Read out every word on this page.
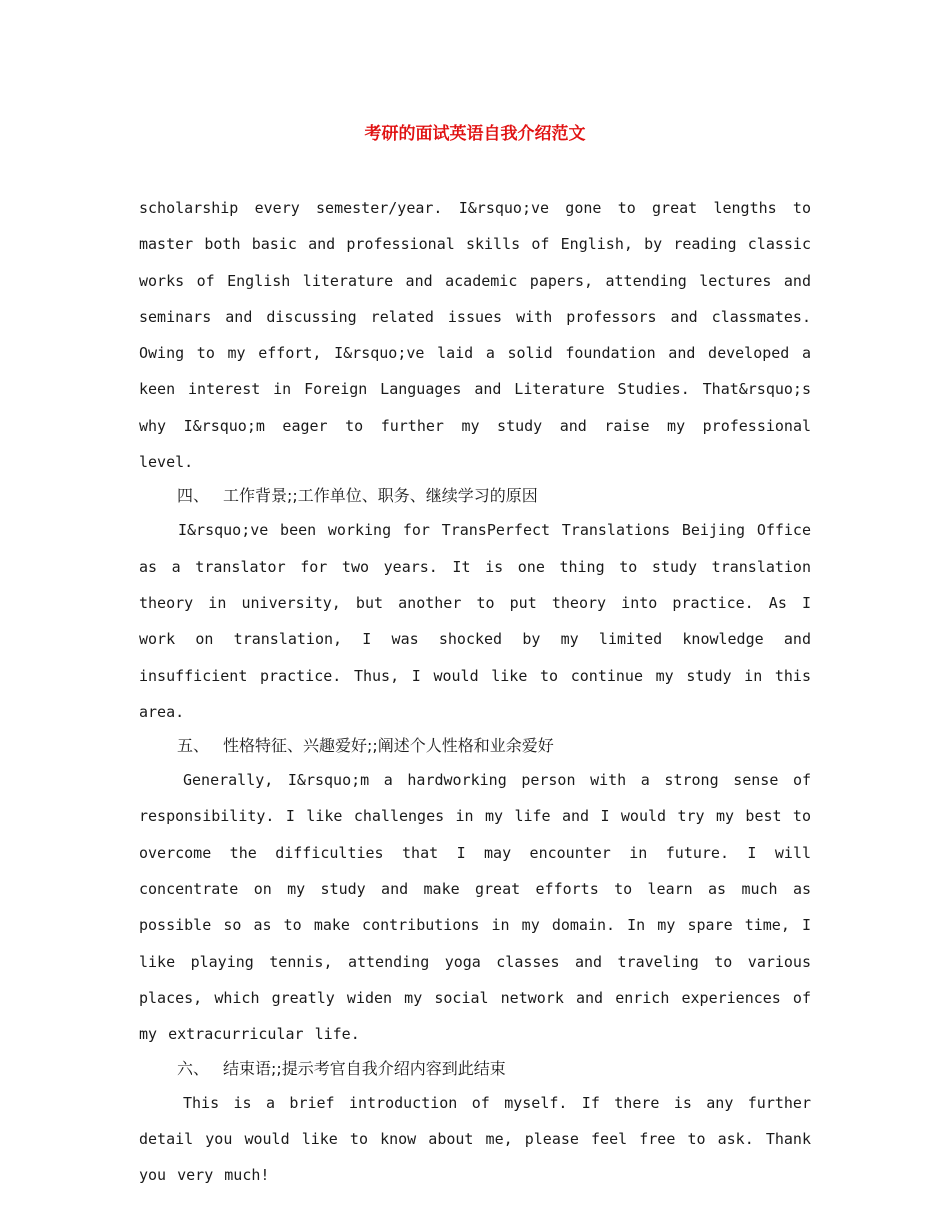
考研的面试英语自我介绍范文

scholarship every semester/year. I&rsquo;ve gone to great lengths to master both basic and professional skills of English, by reading classic works of English literature and academic papers, attending lectures and seminars and discussing related issues with professors and classmates. Owing to my effort, I&rsquo;ve laid a solid foundation and developed a keen interest in Foreign Languages and Literature Studies. That&rsquo;s why I&rsquo;m eager to further my study and raise my professional level.

四、 工作背景;;工作单位、职务、继续学习的原因

I&rsquo;ve been working for TransPerfect Translations Beijing Office as a translator for two years. It is one thing to study translation theory in university, but another to put theory into practice. As I work on translation, I was shocked by my limited knowledge and insufficient practice. Thus, I would like to continue my study in this area.

五、 性格特征、兴趣爱好;;阐述个人性格和业余爱好

Generally, I&rsquo;m a hardworking person with a strong sense of responsibility. I like challenges in my life and I would try my best to overcome the difficulties that I may encounter in future. I will concentrate on my study and make great efforts to learn as much as possible so as to make contributions in my domain. In my spare time, I like playing tennis, attending yoga classes and traveling to various places, which greatly widen my social network and enrich experiences of my extracurricular life.

六、 结束语;;提示考官自我介绍内容到此结束

This is a brief introduction of myself. If there is any further detail you would like to know about me, please feel free to ask. Thank you very much!
